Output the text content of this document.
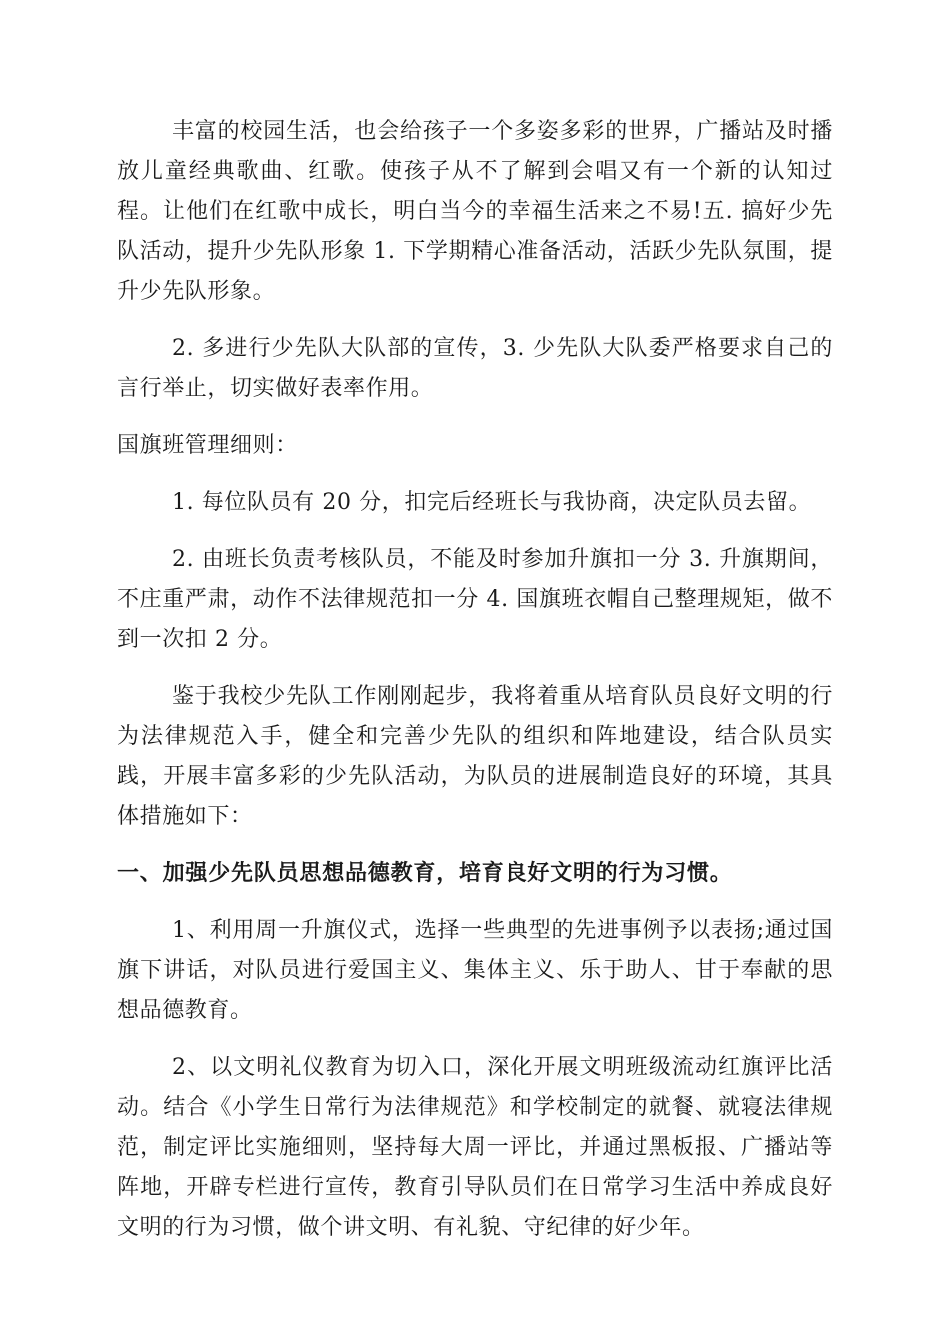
丰富的校园生活，也会给孩子一个多姿多彩的世界，广播站及时播放儿童经典歌曲、红歌。使孩子从不了解到会唱又有一个新的认知过程。让他们在红歌中成长，明白当今的幸福生活来之不易!五. 搞好少先队活动，提升少先队形象 1. 下学期精心准备活动，活跃少先队氛围，提升少先队形象。

2. 多进行少先队大队部的宣传，3. 少先队大队委严格要求自己的言行举止，切实做好表率作用。

国旗班管理细则：

1. 每位队员有 20 分，扣完后经班长与我协商，决定队员去留。

2. 由班长负责考核队员，不能及时参加升旗扣一分 3. 升旗期间，不庄重严肃，动作不法律规范扣一分 4. 国旗班衣帽自己整理规矩，做不到一次扣 2 分。

鉴于我校少先队工作刚刚起步，我将着重从培育队员良好文明的行为法律规范入手，健全和完善少先队的组织和阵地建设，结合队员实践，开展丰富多彩的少先队活动，为队员的进展制造良好的环境，其具体措施如下：

一、加强少先队员思想品德教育，培育良好文明的行为习惯。

1、利用周一升旗仪式，选择一些典型的先进事例予以表扬;通过国旗下讲话，对队员进行爱国主义、集体主义、乐于助人、甘于奉献的思想品德教育。

2、以文明礼仪教育为切入口，深化开展文明班级流动红旗评比活动。结合《小学生日常行为法律规范》和学校制定的就餐、就寝法律规范，制定评比实施细则，坚持每大周一评比，并通过黑板报、广播站等阵地，开辟专栏进行宣传，教育引导队员们在日常学习生活中养成良好文明的行为习惯，做个讲文明、有礼貌、守纪律的好少年。
